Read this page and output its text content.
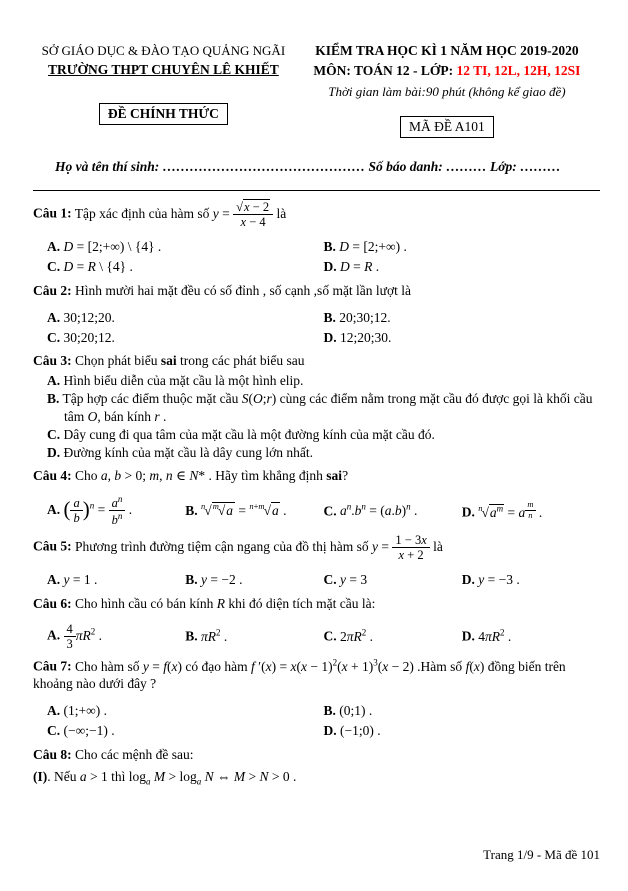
SỞ GIÁO DỤC & ĐÀO TẠO QUẢNG NGÃI
TRƯỜNG THPT CHUYÊN LÊ KHIẾT
ĐỀ CHÍNH THỨC
KIỂM TRA HỌC KÌ 1 NĂM HỌC 2019-2020
MÔN: TOÁN 12 - LỚP: 12 TI, 12L, 12H, 12SI
Thời gian làm bài:90 phút (không kể giao đề)
MÃ ĐỀ A101
Họ và tên thí sinh: ……………………………………… Số báo danh: ……… Lớp: ………
Câu 1: Tập xác định của hàm số $y = \frac{√x - 2}{x - 4}$ là
A. D = [2;+∞) \ {4} .	B. D = [2;+∞) .
C. D = R \ {4} .	D. D = R .
Câu 2: Hình mười hai mặt đều có số đỉnh , số cạnh ,số mặt lần lượt là
A. 30;12;20.	B. 20;30;12.
C. 30;20;12.	D. 12;20;30.
Câu 3: Chọn phát biểu sai trong các phát biểu sau
A. Hình biểu diễn của mặt cầu là một hình elip.
B. Tập hợp các điểm thuộc mặt cầu S(O;r) cùng các điểm nằm trong mặt cầu đó được gọi là khối cầu tâm O, bán kính r .
C. Dây cung đi qua tâm của mặt cầu là một đường kính của mặt cầu đó.
D. Đường kính của mặt cầu là dây cung lớn nhất.
Câu 4: Cho a, b > 0; m, n ∈ N* . Hãy tìm khẳng định sai?
A. ( $\frac{a}{b} )^n = \frac{a^n}{b^n}$ .	B. $^n$√$^m$√a = $^{n+m}$√a .	C. $a^n.b^n = (a.b)^n$ .	D. $^n√a^m = a \frac{m}{n}$ .
Câu 5: Phương trình đường tiệm cận ngang của đồ thị hàm số $y = \frac{1 - 3x}{x + 2}$ là
A. y = 1 .	B. y = −2 .	C. y = 3	D. y = −3 .
Câu 6: Cho hình cầu có bán kính R khi đó diện tích mặt cầu là:
A. $\frac{4}{3} \pi R^2$ .	B. $\pi R^2$ .	C. $2\pi R^2$ .	D. $4\pi R^2$ .
Câu 7: Cho hàm số y = f(x) có đạo hàm f $'(x) = x(x - 1)^2(x + 1)^3(x - 2)$ .Hàm số f(x) đồng biến trên khoảng nào dưới đây ?
A. (1;+∞) .	B. (0;1) .
C. (−∞;−1) .	D. (−1;0) .
Câu 8: Cho các mệnh đề sau:
(I). Nếu a > 1 thì $\log_a M > \log_a N$ ⇔ M > N > 0 .
Trang 1/9 - Mã đề 101
